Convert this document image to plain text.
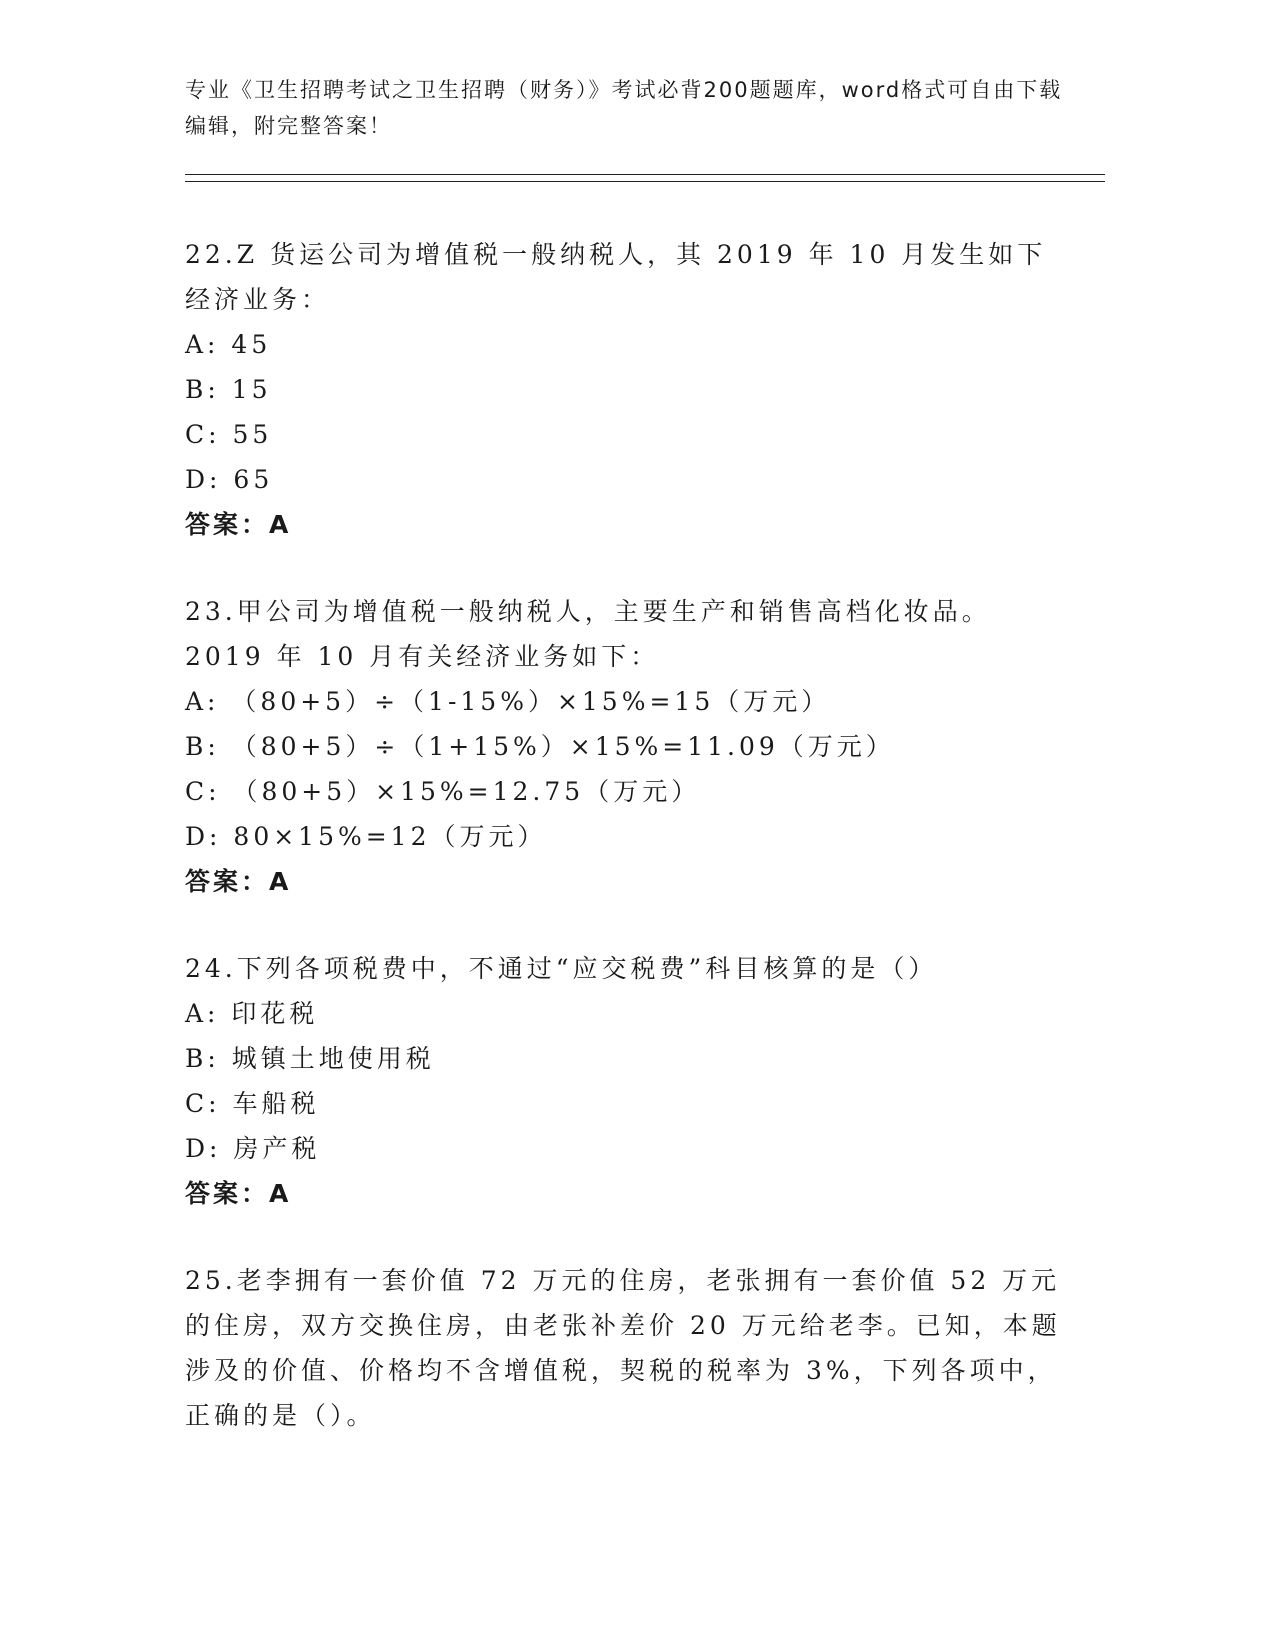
专业《卫生招聘考试之卫生招聘（财务）》考试必背200题题库，word格式可自由下载编辑，附完整答案！
22.Z 货运公司为增值税一般纳税人，其 2019 年 10 月发生如下经济业务：
A: 45
B: 15
C: 55
D: 65
答案：A
23.甲公司为增值税一般纳税人，主要生产和销售高档化妆品。2019 年 10 月有关经济业务如下：
A: （80+5）÷（1-15%）×15%=15（万元）
B: （80+5）÷（1+15%）×15%=11.09（万元）
C: （80+5）×15%=12.75（万元）
D: 80×15%=12（万元）
答案：A
24.下列各项税费中，不通过“应交税费”科目核算的是（）
A: 印花税
B: 城镇土地使用税
C: 车船税
D: 房产税
答案：A
25.老李拥有一套价值 72 万元的住房，老张拥有一套价值 52 万元的住房，双方交换住房，由老张补差价 20 万元给老李。已知，本题涉及的价值、价格均不含增值税，契税的税率为 3%，下列各项中，正确的是（）。
